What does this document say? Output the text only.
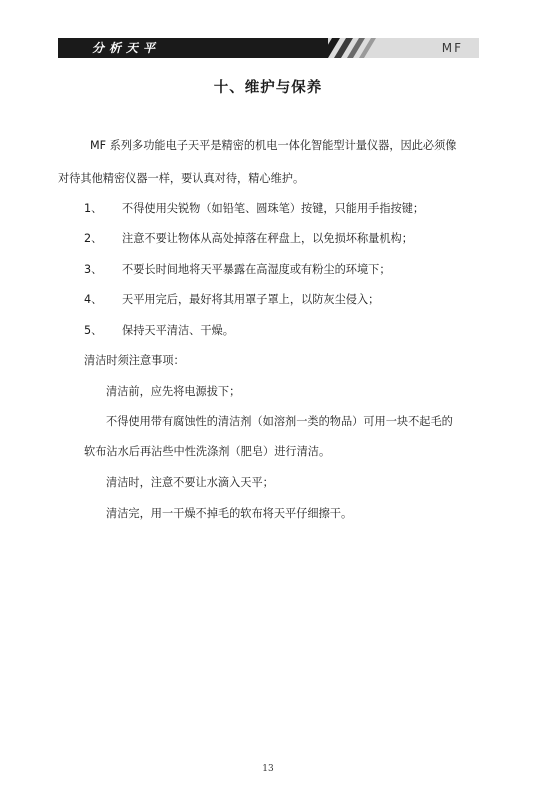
分析天平	MF
十、维护与保养
MF 系列多功能电子天平是精密的机电一体化智能型计量仪器，因此必须像
对待其他精密仪器一样，要认真对待，精心维护。
1、 不得使用尖锐物（如铅笔、圆珠笔）按键，只能用手指按键；
2、 注意不要让物体从高处掉落在秤盘上，以免损坏称量机构；
3、 不要长时间地将天平暴露在高湿度或有粉尘的环境下；
4、 天平用完后，最好将其用罩子罩上，以防灰尘侵入；
5、 保持天平清洁、干燥。
清洁时须注意事项：
清洁前，应先将电源拔下；
不得使用带有腐蚀性的清洁剂（如溶剂一类的物品）可用一块不起毛的
软布沾水后再沾些中性洗涤剂（肥皂）进行清洁。
清洁时，注意不要让水滴入天平；
清洁完，用一干燥不掉毛的软布将天平仔细擦干。
13
